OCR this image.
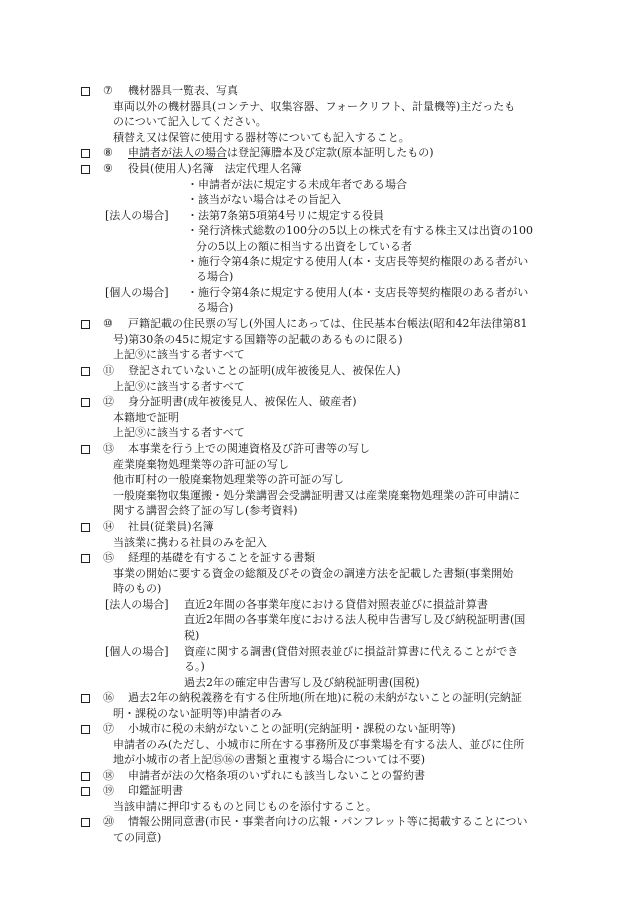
⑦ 機材器具一覧表、写真
車両以外の機材器具(コンテナ、収集容器、フォークリフト、計量機等)主だったも
のについて記入してください。
積替え又は保管に使用する器材等についても記入すること。
⑧ 申請者が法人の場合は登記簿謄本及び定款(原本証明したもの)
⑨ 役員(使用人)名簿　法定代理人名簿
・申請者が法に規定する未成年者である場合
・該当がない場合はその旨記入
[法人の場合] ・法第7条第5項第4号リに規定する役員
・発行済株式総数の100分の5以上の株式を有する株主又は出資の100
分の5以上の額に相当する出資をしている者
・施行令第4条に規定する使用人(本・支店長等契約権限のある者がい
る場合)
[個人の場合] ・施行令第4条に規定する使用人(本・支店長等契約権限のある者がい
る場合)
⑩ 戸籍記載の住民票の写し(外国人にあっては、住民基本台帳法(昭和42年法律第81
号)第30条の45に規定する国籍等の記載のあるものに限る)
上記⑨に該当する者すべて
⑪ 登記されていないことの証明(成年被後見人、被保佐人)
上記⑨に該当する者すべて
⑫ 身分証明書(成年被後見人、被保佐人、破産者)
本籍地で証明
上記⑨に該当する者すべて
⑬ 本事業を行う上での関連資格及び許可書等の写し
産業廃棄物処理業等の許可証の写し
他市町村の一般廃棄物処理業等の許可証の写し
一般廃棄物収集運搬・処分業講習会受講証明書又は産業廃棄物処理業の許可申請に
関する講習会終了証の写し(参考資料)
⑭ 社員(従業員)名簿
当該業に携わる社員のみを記入
⑮ 経理的基礎を有することを証する書類
事業の開始に要する資金の総額及びその資金の調達方法を記載した書類(事業開始
時のもの)
[法人の場合] 直近2年間の各事業年度における貸借対照表並びに損益計算書
直近2年間の各事業年度における法人税申告書写し及び納税証明書(国
税)
[個人の場合] 資産に関する調書(貸借対照表並びに損益計算書に代えることができ
る。)
過去2年の確定申告書写し及び納税証明書(国税)
⑯ 過去2年の納税義務を有する住所地(所在地)に税の未納がないことの証明(完納証
明・課税のない証明等)申請者のみ
⑰ 小城市に税の未納がないことの証明(完納証明・課税のない証明等)
申請者のみ(ただし、小城市に所在する事務所及び事業場を有する法人、並びに住所
地が小城市の者上記⑮⑯の書類と重複する場合については不要)
⑱ 申請者が法の欠格条項のいずれにも該当しないことの誓約書
⑲ 印鑑証明書
当該申請に押印するものと同じものを添付すること。
⑳ 情報公開同意書(市民・事業者向けの広報・パンフレット等に掲載することについ
ての同意)
